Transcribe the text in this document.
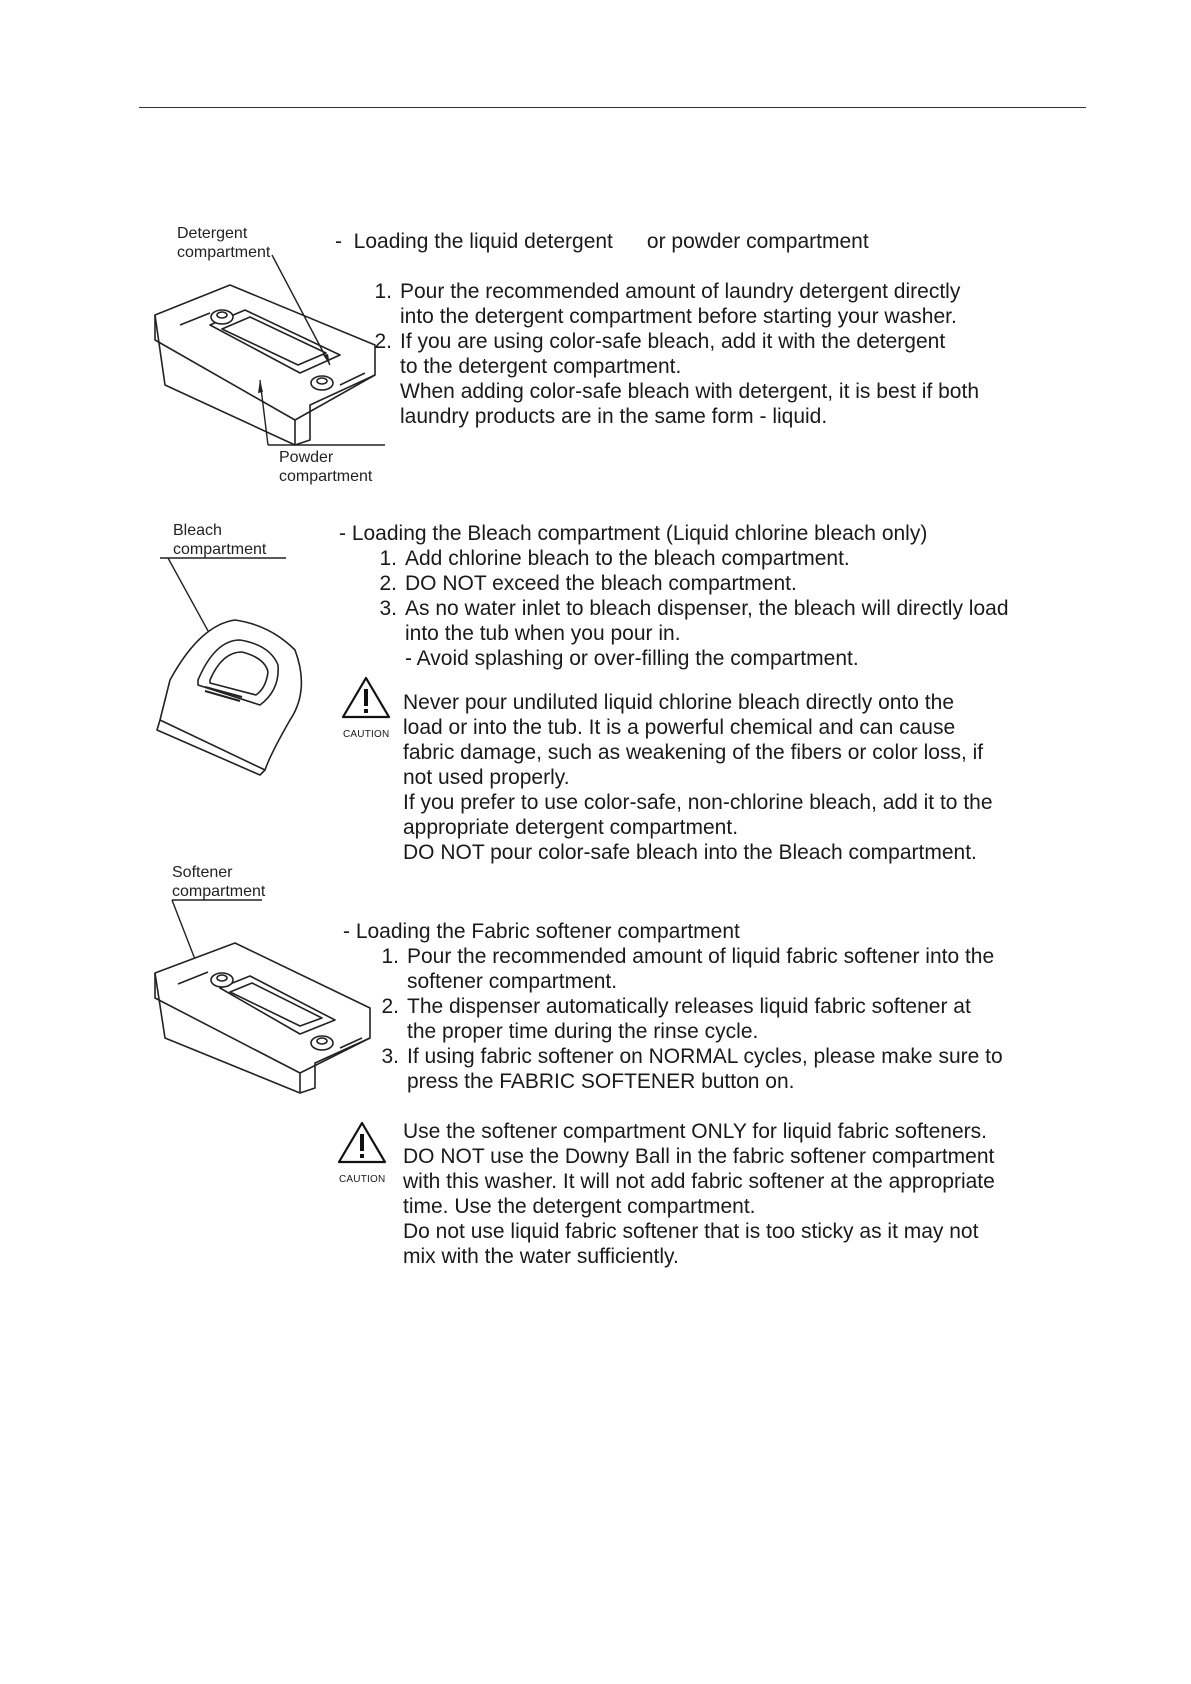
Detergent
compartment
Powder
compartment
- Loading the liquid detergent or powder compartment
1. Pour the recommended amount of laundry detergent directly
into the detergent compartment before starting your washer.
2. If you are using color-safe bleach, add it with the detergent
to the detergent compartment.
When adding color-safe bleach with detergent, it is best if both
laundry products are in the same form - liquid.
Bleach
compartment
- Loading the Bleach compartment (Liquid chlorine bleach only)
1. Add chlorine bleach to the bleach compartment.
2. DO NOT exceed the bleach compartment.
3. As no water inlet to bleach dispenser, the bleach will directly load
into the tub when you pour in.
- Avoid splashing or over-filling the compartment.
CAUTION
Never pour undiluted liquid chlorine bleach directly onto the
load or into the tub. It is a powerful chemical and can cause
fabric damage, such as weakening of the fibers or color loss, if
not used properly.
If you prefer to use color-safe, non-chlorine bleach, add it to the
appropriate detergent compartment.
DO NOT pour color-safe bleach into the Bleach compartment.
Softener
compartment
- Loading the Fabric softener compartment
1. Pour the recommended amount of liquid fabric softener into the
softener compartment.
2. The dispenser automatically releases liquid fabric softener at
the proper time during the rinse cycle.
3. If using fabric softener on NORMAL cycles, please make sure to
press the FABRIC SOFTENER button on.
CAUTION
Use the softener compartment ONLY for liquid fabric softeners.
DO NOT use the Downy Ball in the fabric softener compartment
with this washer. It will not add fabric softener at the appropriate
time. Use the detergent compartment.
Do not use liquid fabric softener that is too sticky as it may not
mix with the water sufficiently.
